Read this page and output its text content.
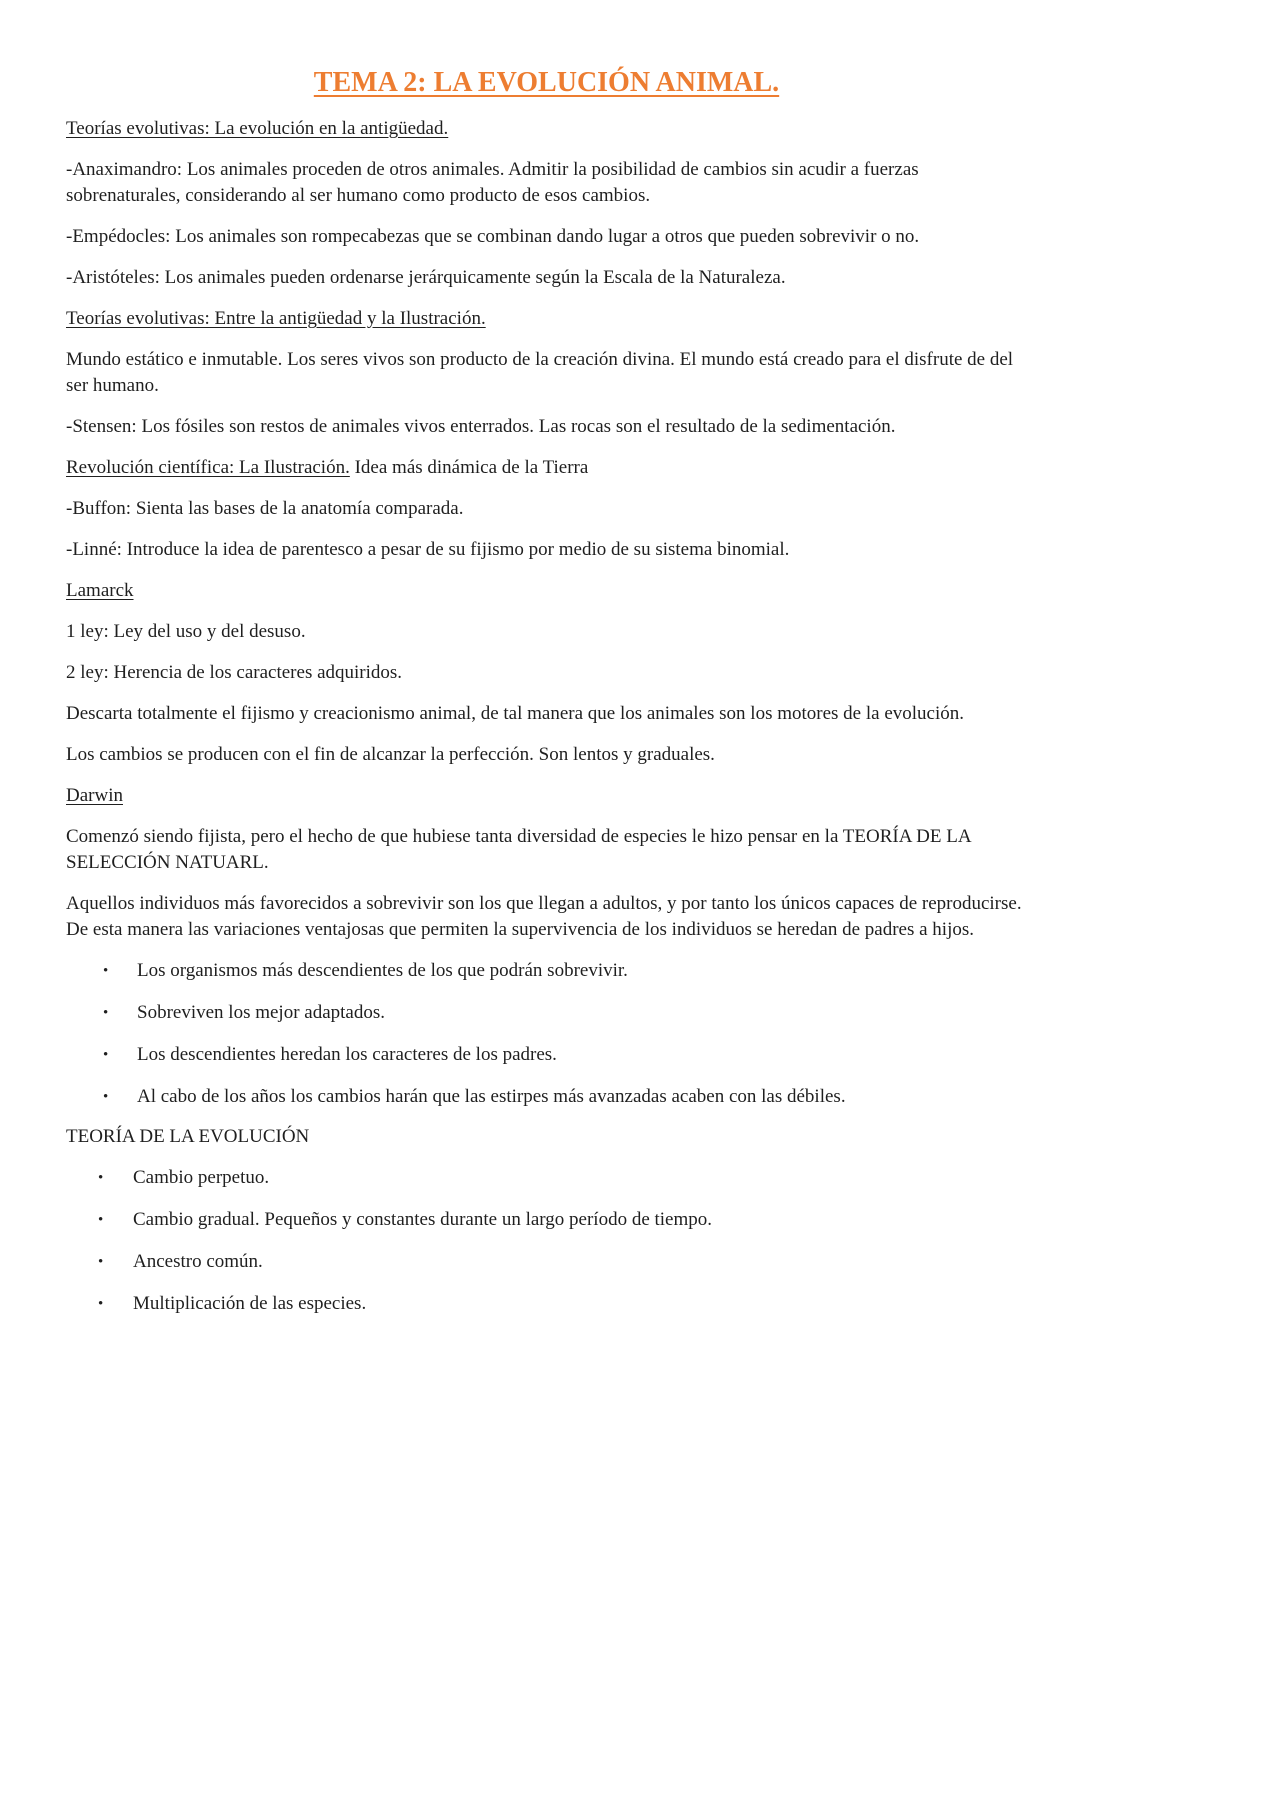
TEMA 2: LA EVOLUCIÓN ANIMAL.

Teorías evolutivas: La evolución en la antigüedad.

-Anaximandro: Los animales proceden de otros animales. Admitir la posibilidad de cambios sin acudir a fuerzas sobrenaturales, considerando al ser humano como producto de esos cambios.

-Empédocles: Los animales son rompecabezas que se combinan dando lugar a otros que pueden sobrevivir o no.

-Aristóteles: Los animales pueden ordenarse jerárquicamente según la Escala de la Naturaleza.

Teorías evolutivas: Entre la antigüedad y la Ilustración.

Mundo estático e inmutable. Los seres vivos son producto de la creación divina. El mundo está creado para el disfrute de del ser humano.

-Stensen: Los fósiles son restos de animales vivos enterrados. Las rocas son el resultado de la sedimentación.

Revolución científica: La Ilustración. Idea más dinámica de la Tierra

-Buffon: Sienta las bases de la anatomía comparada.

-Linné: Introduce la idea de parentesco a pesar de su fijismo por medio de su sistema binomial.

Lamarck

1 ley: Ley del uso y del desuso.

2 ley: Herencia de los caracteres adquiridos.

Descarta totalmente el fijismo y creacionismo animal, de tal manera que los animales son los motores de la evolución.

Los cambios se producen con el fin de alcanzar la perfección. Son lentos y graduales.

Darwin

Comenzó siendo fijista, pero el hecho de que hubiese tanta diversidad de especies le hizo pensar en la TEORÍA DE LA SELECCIÓN NATUARL.

Aquellos individuos más favorecidos a sobrevivir son los que llegan a adultos, y por tanto los únicos capaces de reproducirse. De esta manera las variaciones ventajosas que permiten la supervivencia de los individuos se heredan de padres a hijos.

• Los organismos más descendientes de los que podrán sobrevivir.
• Sobreviven los mejor adaptados.
• Los descendientes heredan los caracteres de los padres.
• Al cabo de los años los cambios harán que las estirpes más avanzadas acaben con las débiles.

TEORÍA DE LA EVOLUCIÓN

• Cambio perpetuo.
• Cambio gradual. Pequeños y constantes durante un largo período de tiempo.
• Ancestro común.
• Multiplicación de las especies.
